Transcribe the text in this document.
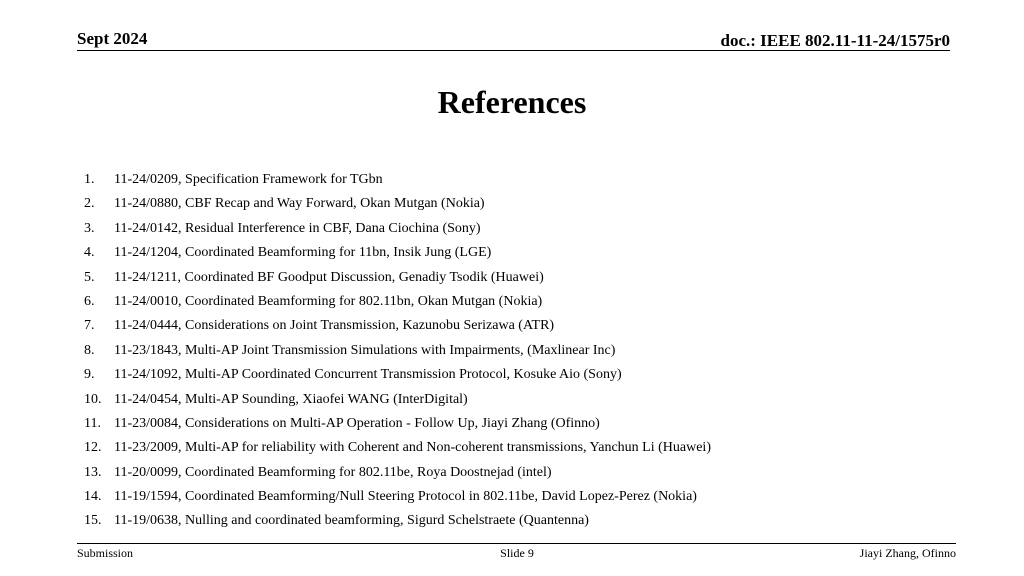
Sept 2024	doc.: IEEE 802.11-11-24/1575r0
References
1.	11-24/0209, Specification Framework for TGbn
2.	11-24/0880, CBF Recap and Way Forward, Okan Mutgan (Nokia)
3.	11-24/0142, Residual Interference in CBF, Dana Ciochina (Sony)
4.	11-24/1204, Coordinated Beamforming for 11bn, Insik Jung (LGE)
5.	11-24/1211, Coordinated BF Goodput Discussion, Genadiy Tsodik (Huawei)
6.	11-24/0010, Coordinated Beamforming for 802.11bn, Okan Mutgan (Nokia)
7.	11-24/0444, Considerations on Joint Transmission, Kazunobu Serizawa (ATR)
8.	11-23/1843, Multi-AP Joint Transmission Simulations with Impairments, (Maxlinear Inc)
9.	11-24/1092, Multi-AP Coordinated Concurrent Transmission Protocol, Kosuke Aio (Sony)
10. 11-24/0454, Multi-AP Sounding, Xiaofei WANG (InterDigital)
11. 11-23/0084, Considerations on Multi-AP Operation - Follow Up, Jiayi Zhang (Ofinno)
12. 11-23/2009, Multi-AP for reliability with Coherent and Non-coherent transmissions, Yanchun Li (Huawei)
13. 11-20/0099, Coordinated Beamforming for 802.11be, Roya Doostnejad (intel)
14. 11-19/1594, Coordinated Beamforming/Null Steering Protocol in 802.11be, David Lopez-Perez (Nokia)
15. 11-19/0638, Nulling and coordinated beamforming, Sigurd Schelstraete (Quantenna)
Submission	Slide 9	Jiayi Zhang, Ofinno
